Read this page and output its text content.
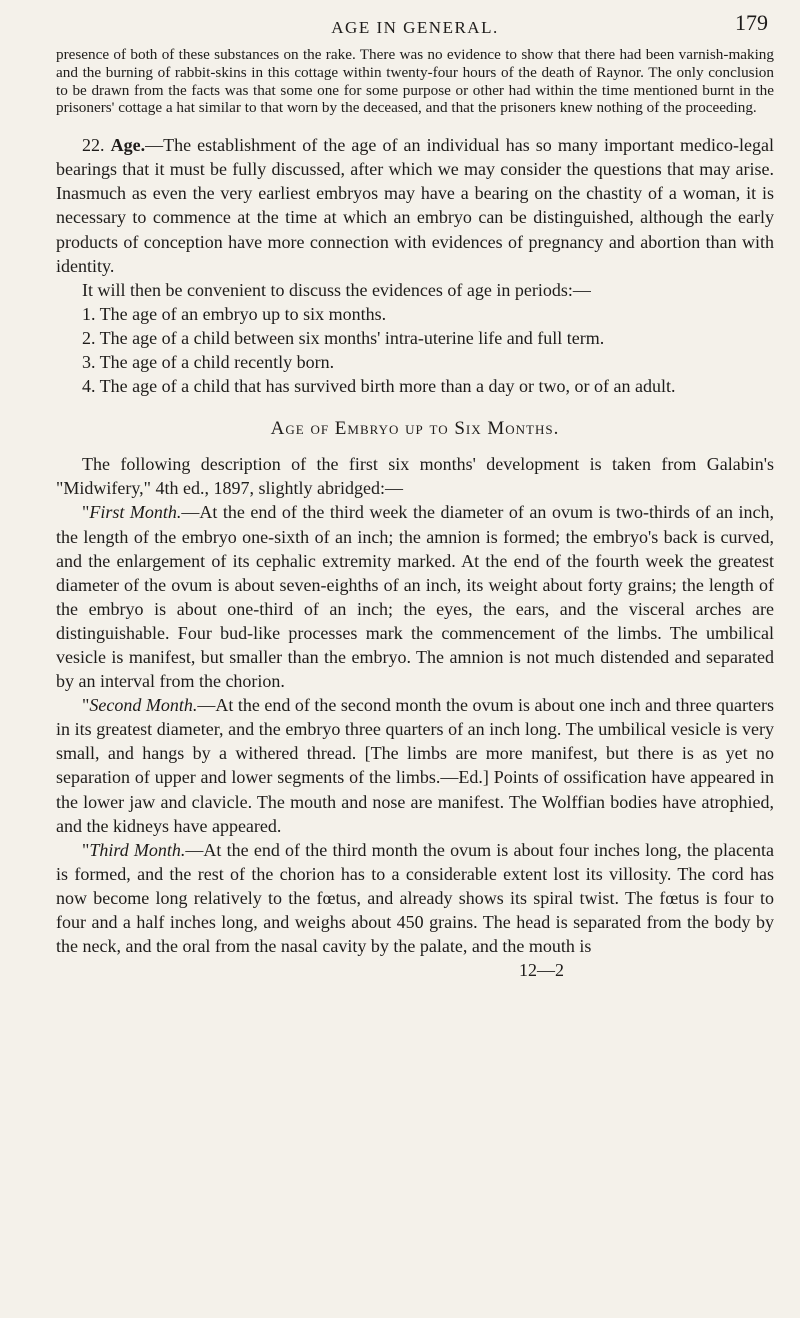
AGE IN GENERAL.	179

presence of both of these substances on the rake. There was no evidence to show that there had been varnish-making and the burning of rabbit-skins in this cottage within twenty-four hours of the death of Raynor. The only conclusion to be drawn from the facts was that some one for some purpose or other had within the time mentioned burnt in the prisoners' cottage a hat similar to that worn by the deceased, and that the prisoners knew nothing of the proceeding.

22. Age.—The establishment of the age of an individual has so many important medico-legal bearings that it must be fully discussed, after which we may consider the questions that may arise. Inasmuch as even the very earliest embryos may have a bearing on the chastity of a woman, it is necessary to commence at the time at which an embryo can be distinguished, although the early products of conception have more connection with evidences of pregnancy and abortion than with identity.

It will then be convenient to discuss the evidences of age in periods:—

1. The age of an embryo up to six months.

2. The age of a child between six months' intra-uterine life and full term.

3. The age of a child recently born.

4. The age of a child that has survived birth more than a day or two, or of an adult.

Age of Embryo up to Six Months.

The following description of the first six months' development is taken from Galabin's "Midwifery," 4th ed., 1897, slightly abridged:—

"First Month.—At the end of the third week the diameter of an ovum is two-thirds of an inch, the length of the embryo one-sixth of an inch; the amnion is formed; the embryo's back is curved, and the enlargement of its cephalic extremity marked. At the end of the fourth week the greatest diameter of the ovum is about seven-eighths of an inch, its weight about forty grains; the length of the embryo is about one-third of an inch; the eyes, the ears, and the visceral arches are distinguishable. Four bud-like processes mark the commencement of the limbs. The umbilical vesicle is manifest, but smaller than the embryo. The amnion is not much distended and separated by an interval from the chorion.

"Second Month.—At the end of the second month the ovum is about one inch and three quarters in its greatest diameter, and the embryo three quarters of an inch long. The umbilical vesicle is very small, and hangs by a withered thread. [The limbs are more manifest, but there is as yet no separation of upper and lower segments of the limbs.—Ed.] Points of ossification have appeared in the lower jaw and clavicle. The mouth and nose are manifest. The Wolffian bodies have atrophied, and the kidneys have appeared.

"Third Month.—At the end of the third month the ovum is about four inches long, the placenta is formed, and the rest of the chorion has to a considerable extent lost its villosity. The cord has now become long relatively to the fœtus, and already shows its spiral twist. The fœtus is four to four and a half inches long, and weighs about 450 grains. The head is separated from the body by the neck, and the oral from the nasal cavity by the palate, and the mouth is

12—2
